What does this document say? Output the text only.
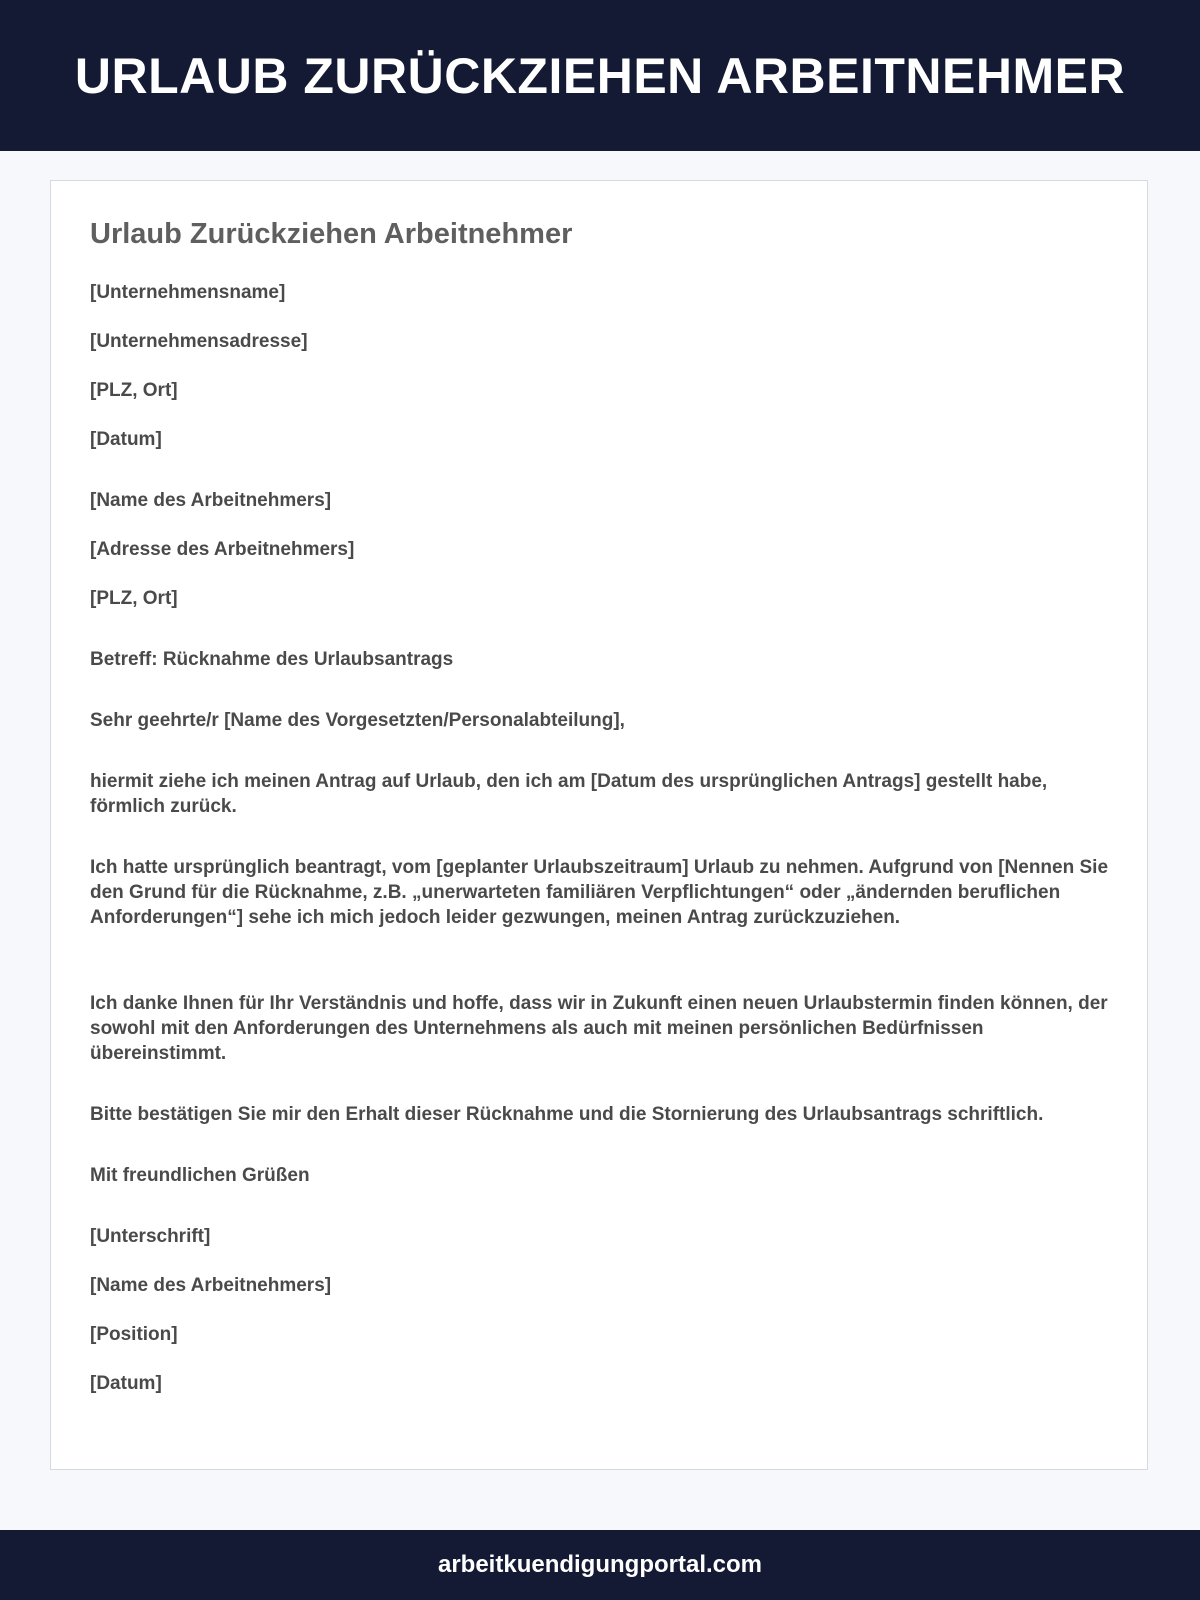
URLAUB ZURÜCKZIEHEN ARBEITNEHMER
Urlaub Zurückziehen Arbeitnehmer

[Unternehmensname]

[Unternehmensadresse]

[PLZ, Ort]

[Datum]

[Name des Arbeitnehmers]

[Adresse des Arbeitnehmers]

[PLZ, Ort]

Betreff: Rücknahme des Urlaubsantrags

Sehr geehrte/r [Name des Vorgesetzten/Personalabteilung],

hiermit ziehe ich meinen Antrag auf Urlaub, den ich am [Datum des ursprünglichen Antrags] gestellt habe, förmlich zurück.

Ich hatte ursprünglich beantragt, vom [geplanter Urlaubszeitraum] Urlaub zu nehmen. Aufgrund von [Nennen Sie den Grund für die Rücknahme, z.B. „unerwarteten familiären Verpflichtungen“ oder „ändernden beruflichen Anforderungen“] sehe ich mich jedoch leider gezwungen, meinen Antrag zurückzuziehen.

Ich danke Ihnen für Ihr Verständnis und hoffe, dass wir in Zukunft einen neuen Urlaubstermin finden können, der sowohl mit den Anforderungen des Unternehmens als auch mit meinen persönlichen Bedürfnissen übereinstimmt.

Bitte bestätigen Sie mir den Erhalt dieser Rücknahme und die Stornierung des Urlaubsantrags schriftlich.

Mit freundlichen Grüßen

[Unterschrift]

[Name des Arbeitnehmers]

[Position]

[Datum]

arbeitkuendigungportal.com
